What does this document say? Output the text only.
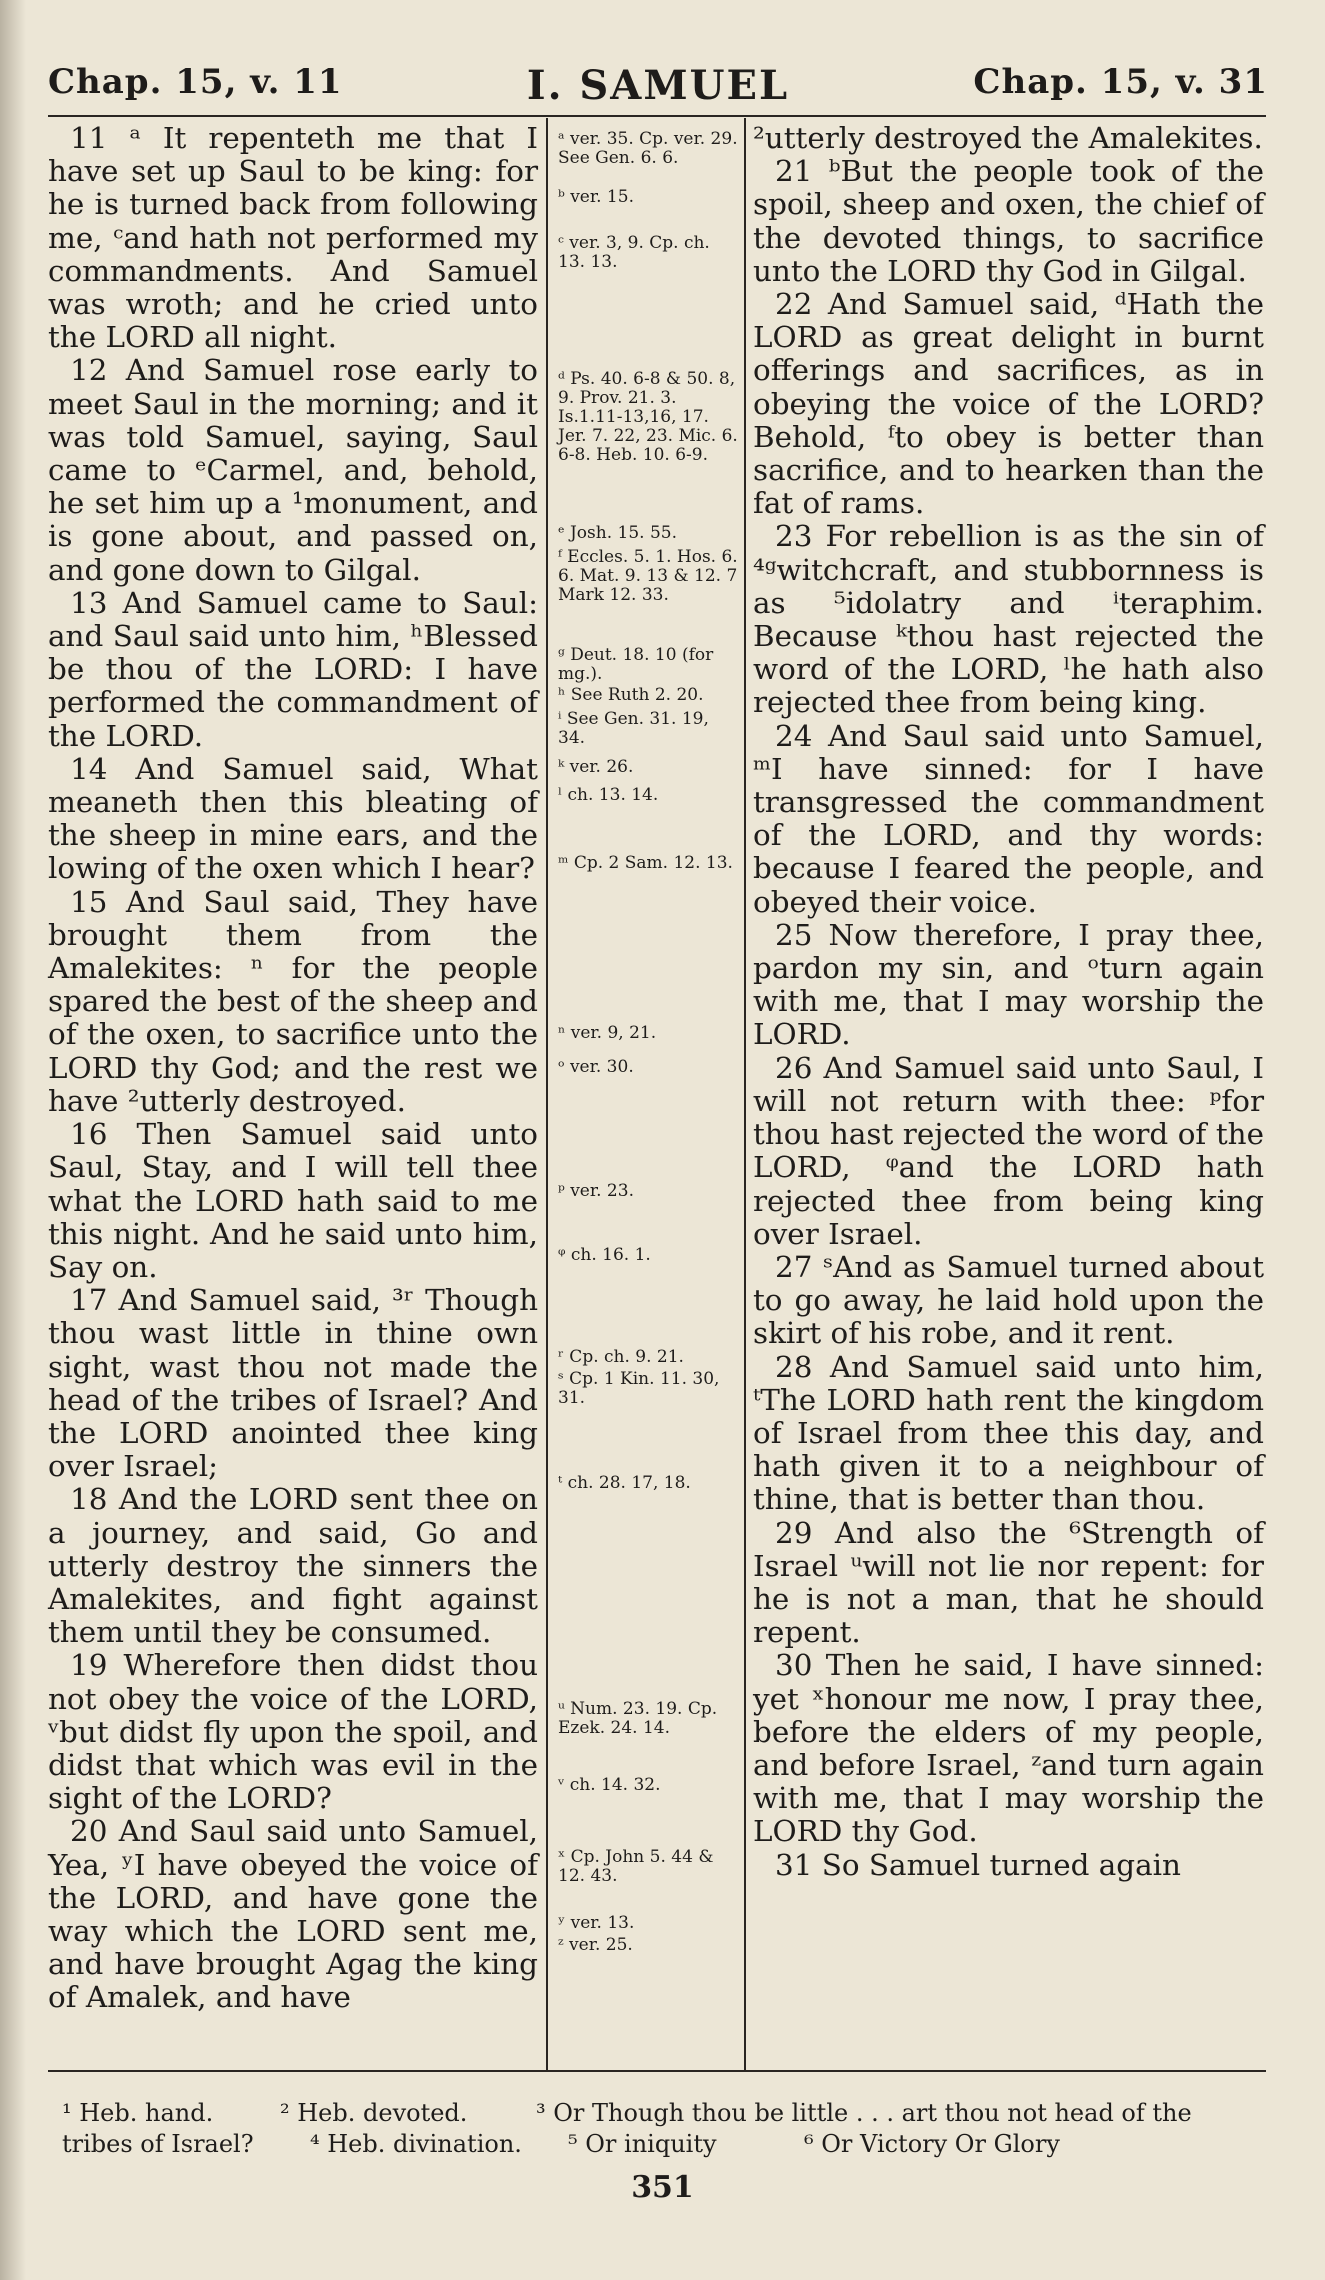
Chap. 15, v. 11	I. SAMUEL	Chap. 15, v. 31

11 ᵃ It repenteth me that I have set up Saul to be king: for he is turned back from following me, ᶜand hath not performed my commandments. And Samuel was wroth; and he cried unto the LORD all night.

12 And Samuel rose early to meet Saul in the morning; and it was told Samuel, saying, Saul came to ᵉCarmel, and, behold, he set him up a ¹monument, and is gone about, and passed on, and gone down to Gilgal.

13 And Samuel came to Saul: and Saul said unto him, ʰBlessed be thou of the LORD: I have performed the commandment of the LORD.

14 And Samuel said, What meaneth then this bleating of the sheep in mine ears, and the lowing of the oxen which I hear?

15 And Saul said, They have brought them from the Amalekites: ⁿ for the people spared the best of the sheep and of the oxen, to sacrifice unto the LORD thy God; and the rest we have ²utterly destroyed.

16 Then Samuel said unto Saul, Stay, and I will tell thee what the LORD hath said to me this night. And he said unto him, Say on.

17 And Samuel said, ³ʳ Though thou wast little in thine own sight, wast thou not made the head of the tribes of Israel? And the LORD anointed thee king over Israel;

18 And the LORD sent thee on a journey, and said, Go and utterly destroy the sinners the Amalekites, and fight against them until they be consumed.

19 Wherefore then didst thou not obey the voice of the LORD, ᵛbut didst fly upon the spoil, and didst that which was evil in the sight of the LORD?

20 And Saul said unto Samuel, Yea, ʸI have obeyed the voice of the LORD, and have gone the way which the LORD sent me, and have brought Agag the king of Amalek, and have

ᵃ ver. 35. Cp. ver. 29. See Gen. 6. 6.

ᵇ ver. 15.

ᶜ ver. 3, 9. Cp. ch. 13. 13.

ᵈ Ps. 40. 6-8 & 50. 8, 9. Prov. 21. 3. Is.1.11-13,16, 17. Jer. 7. 22, 23. Mic. 6. 6-8. Heb. 10. 6-9.

ᵉ Josh. 15. 55.

ᶠ Eccles. 5. 1. Hos. 6. 6. Mat. 9. 13 & 12. 7 Mark 12. 33.

ᵍ Deut. 18. 10 (for mg.).

ʰ See Ruth 2. 20.

ⁱ See Gen. 31. 19, 34.

ᵏ ver. 26.

ˡ ch. 13. 14.

ᵐ Cp. 2 Sam. 12. 13.

ⁿ ver. 9, 21.

ᵒ ver. 30.

ᵖ ver. 23.

ᵠ ch. 16. 1.

ʳ Cp. ch. 9. 21.

ˢ Cp. 1 Kin. 11. 30, 31.

ᵗ ch. 28. 17, 18.

ᵘ Num. 23. 19. Cp. Ezek. 24. 14.

ᵛ ch. 14. 32.

ˣ Cp. John 5. 44 & 12. 43.

ʸ ver. 13.

ᶻ ver. 25.

²utterly destroyed the Amalekites.

21 ᵇBut the people took of the spoil, sheep and oxen, the chief of the devoted things, to sacrifice unto the LORD thy God in Gilgal.

22 And Samuel said, ᵈHath the LORD as great delight in burnt offerings and sacrifices, as in obeying the voice of the LORD? Behold, ᶠto obey is better than sacrifice, and to hearken than the fat of rams.

23 For rebellion is as the sin of ⁴ᵍwitchcraft, and stubbornness is as ⁵idolatry and ⁱteraphim. Because ᵏthou hast rejected the word of the LORD, ˡhe hath also rejected thee from being king.

24 And Saul said unto Samuel, ᵐI have sinned: for I have transgressed the commandment of the LORD, and thy words: because I feared the people, and obeyed their voice.

25 Now therefore, I pray thee, pardon my sin, and ᵒturn again with me, that I may worship the LORD.

26 And Samuel said unto Saul, I will not return with thee: ᵖfor thou hast rejected the word of the LORD, ᵠand the LORD hath rejected thee from being king over Israel.

27 ˢAnd as Samuel turned about to go away, he laid hold upon the skirt of his robe, and it rent.

28 And Samuel said unto him, ᵗThe LORD hath rent the kingdom of Israel from thee this day, and hath given it to a neighbour of thine, that is better than thou.

29 And also the ⁶Strength of Israel ᵘwill not lie nor repent: for he is not a man, that he should repent.

30 Then he said, I have sinned: yet ˣhonour me now, I pray thee, before the elders of my people, and before Israel, ᶻand turn again with me, that I may worship the LORD thy God.

31 So Samuel turned again

¹ Heb. hand.	² Heb. devoted.	³ Or Though thou be little . . . art thou not head of the
tribes of Israel? ⁴ Heb. divination. ⁵ Or iniquity	⁶ Or Victory Or Glory
351
